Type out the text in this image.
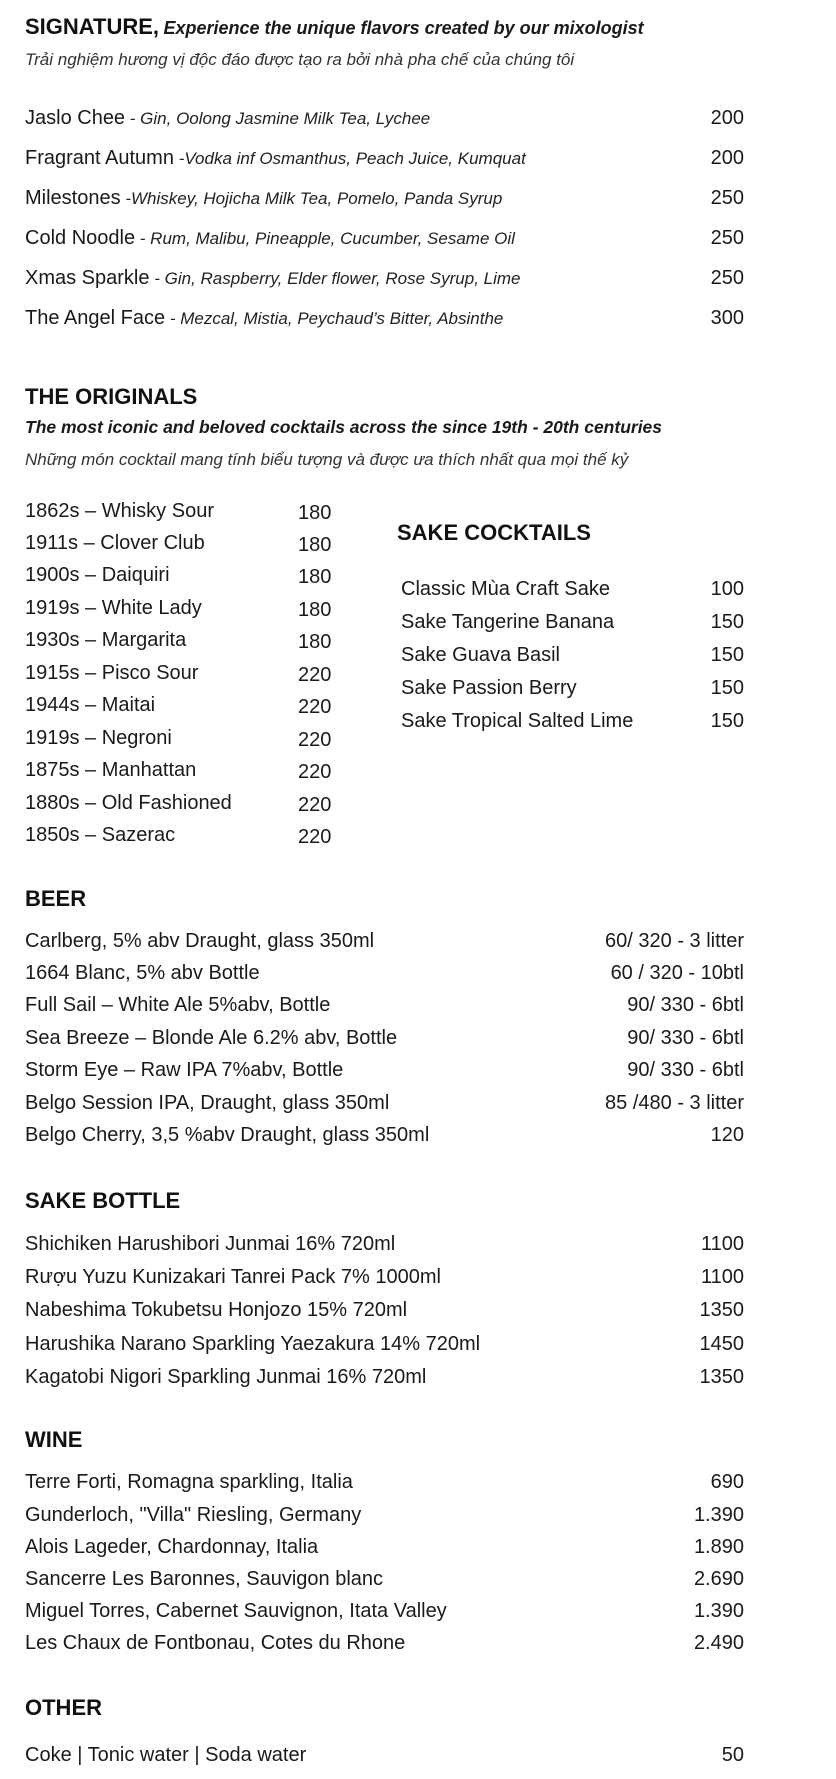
SIGNATURE, Experience the unique flavors created by our mixologist
Trải nghiệm hương vị độc đáo được tạo ra bởi nhà pha chế của chúng tôi
Jaslo Chee - Gin, Oolong Jasmine Milk Tea, Lychee	200
Fragrant Autumn -Vodka inf Osmanthus, Peach Juice, Kumquat	200
Milestones -Whiskey, Hojicha Milk Tea, Pomelo, Panda Syrup	250
Cold Noodle - Rum, Malibu, Pineapple, Cucumber, Sesame Oil	250
Xmas Sparkle - Gin, Raspberry, Elder flower, Rose Syrup, Lime	250
The Angel Face - Mezcal, Mistia, Peychaud’s Bitter, Absinthe	300
THE ORIGINALS
The most iconic and beloved cocktails across the since 19th - 20th centuries
Những món cocktail mang tính biểu tượng và được ưa thích nhất qua mọi thế kỷ
1862s – Whisky Sour	180
1911s – Clover Club	180
1900s – Daiquiri	180
1919s – White Lady	180
1930s – Margarita	180
1915s – Pisco Sour	220
1944s – Maitai	220
1919s – Negroni	220
1875s – Manhattan	220
1880s – Old Fashioned	220
1850s – Sazerac	220
SAKE COCKTAILS
Classic Mùa Craft Sake	100
Sake Tangerine Banana	150
Sake Guava Basil	150
Sake Passion Berry	150
Sake Tropical Salted Lime	150
BEER
Carlberg, 5% abv Draught, glass 350ml	60/ 320 - 3 litter
1664 Blanc, 5% abv Bottle	60 / 320 - 10btl
Full Sail – White Ale 5%abv, Bottle	90/ 330 - 6btl
Sea Breeze – Blonde Ale 6.2% abv, Bottle	90/ 330 - 6btl
Storm Eye – Raw IPA 7%abv, Bottle	90/ 330 - 6btl
Belgo Session IPA, Draught, glass 350ml	85 /480 - 3 litter
Belgo Cherry, 3,5 %abv Draught, glass 350ml	120
SAKE BOTTLE
Shichiken Harushibori Junmai 16% 720ml	1100
Rượu Yuzu Kunizakari Tanrei Pack 7% 1000ml	1100
Nabeshima Tokubetsu Honjozo 15% 720ml	1350
Harushika Narano Sparkling Yaezakura 14% 720ml	1450
Kagatobi Nigori Sparkling Junmai 16% 720ml	1350
WINE
Terre Forti, Romagna sparkling, Italia	690
Gunderloch, "Villa" Riesling, Germany	1.390
Alois Lageder, Chardonnay, Italia	1.890
Sancerre Les Baronnes, Sauvigon blanc	2.690
Miguel Torres, Cabernet Sauvignon, Itata Valley	1.390
Les Chaux de Fontbonau, Cotes du Rhone	2.490
OTHER
Coke | Tonic water | Soda water	50
